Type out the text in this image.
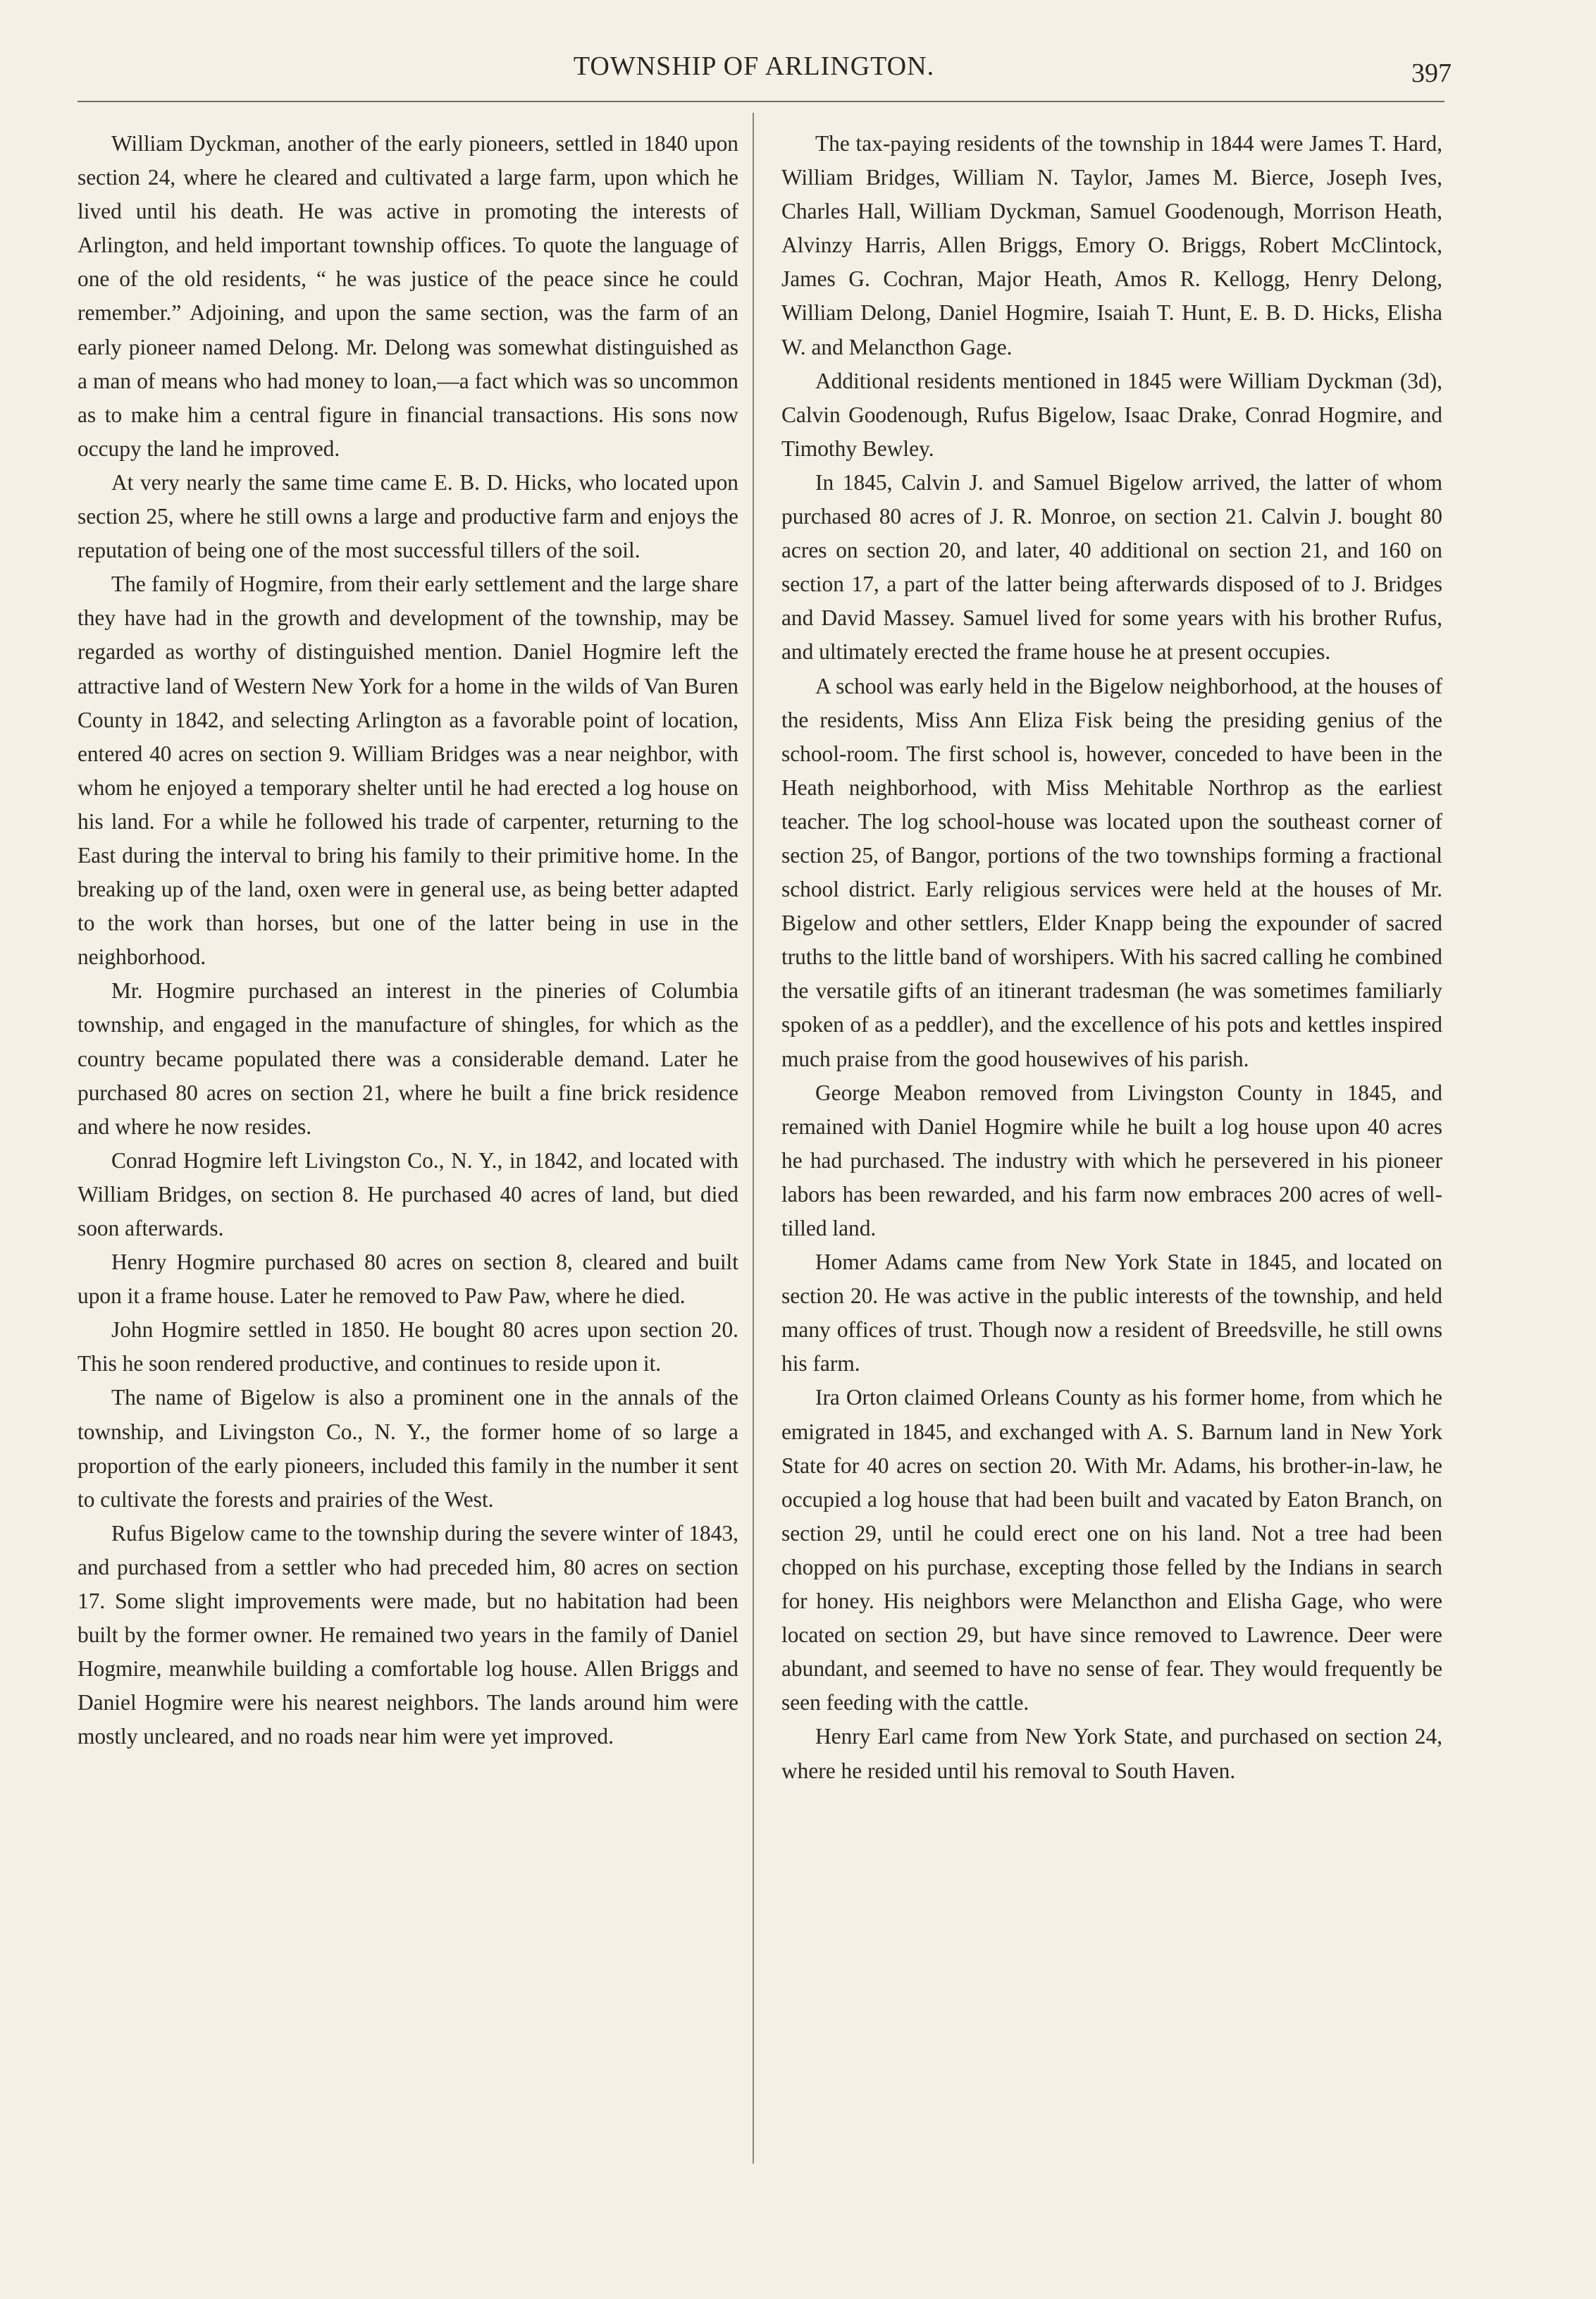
TOWNSHIP OF ARLINGTON.	397

William Dyckman, another of the early pioneers, settled in 1840 upon section 24, where he cleared and cultivated a large farm, upon which he lived until his death. He was active in promoting the interests of Arlington, and held important township offices. To quote the language of one of the old residents, “ he was justice of the peace since he could remember.” Adjoining, and upon the same section, was the farm of an early pioneer named Delong. Mr. Delong was somewhat distinguished as a man of means who had money to loan,—a fact which was so uncommon as to make him a central figure in financial transactions. His sons now occupy the land he improved.

At very nearly the same time came E. B. D. Hicks, who located upon section 25, where he still owns a large and productive farm and enjoys the reputation of being one of the most successful tillers of the soil.

The family of Hogmire, from their early settlement and the large share they have had in the growth and development of the township, may be regarded as worthy of distinguished mention. Daniel Hogmire left the attractive land of Western New York for a home in the wilds of Van Buren County in 1842, and selecting Arlington as a favorable point of location, entered 40 acres on section 9. William Bridges was a near neighbor, with whom he enjoyed a temporary shelter until he had erected a log house on his land. For a while he followed his trade of carpenter, returning to the East during the interval to bring his family to their primitive home. In the breaking up of the land, oxen were in general use, as being better adapted to the work than horses, but one of the latter being in use in the neighborhood.

Mr. Hogmire purchased an interest in the pineries of Columbia township, and engaged in the manufacture of shingles, for which as the country became populated there was a considerable demand. Later he purchased 80 acres on section 21, where he built a fine brick residence and where he now resides.

Conrad Hogmire left Livingston Co., N. Y., in 1842, and located with William Bridges, on section 8. He purchased 40 acres of land, but died soon afterwards.

Henry Hogmire purchased 80 acres on section 8, cleared and built upon it a frame house. Later he removed to Paw Paw, where he died.

John Hogmire settled in 1850. He bought 80 acres upon section 20. This he soon rendered productive, and continues to reside upon it.

The name of Bigelow is also a prominent one in the annals of the township, and Livingston Co., N. Y., the former home of so large a proportion of the early pioneers, included this family in the number it sent to cultivate the forests and prairies of the West.

Rufus Bigelow came to the township during the severe winter of 1843, and purchased from a settler who had preceded him, 80 acres on section 17. Some slight improvements were made, but no habitation had been built by the former owner. He remained two years in the family of Daniel Hogmire, meanwhile building a comfortable log house. Allen Briggs and Daniel Hogmire were his nearest neighbors. The lands around him were mostly uncleared, and no roads near him were yet improved.

The tax-paying residents of the township in 1844 were James T. Hard, William Bridges, William N. Taylor, James M. Bierce, Joseph Ives, Charles Hall, William Dyckman, Samuel Goodenough, Morrison Heath, Alvinzy Harris, Allen Briggs, Emory O. Briggs, Robert McClintock, James G. Cochran, Major Heath, Amos R. Kellogg, Henry Delong, William Delong, Daniel Hogmire, Isaiah T. Hunt, E. B. D. Hicks, Elisha W. and Melancthon Gage.

Additional residents mentioned in 1845 were William Dyckman (3d), Calvin Goodenough, Rufus Bigelow, Isaac Drake, Conrad Hogmire, and Timothy Bewley.

In 1845, Calvin J. and Samuel Bigelow arrived, the latter of whom purchased 80 acres of J. R. Monroe, on section 21. Calvin J. bought 80 acres on section 20, and later, 40 additional on section 21, and 160 on section 17, a part of the latter being afterwards disposed of to J. Bridges and David Massey. Samuel lived for some years with his brother Rufus, and ultimately erected the frame house he at present occupies.

A school was early held in the Bigelow neighborhood, at the houses of the residents, Miss Ann Eliza Fisk being the presiding genius of the school-room. The first school is, however, conceded to have been in the Heath neighborhood, with Miss Mehitable Northrop as the earliest teacher. The log school-house was located upon the southeast corner of section 25, of Bangor, portions of the two townships forming a fractional school district. Early religious services were held at the houses of Mr. Bigelow and other settlers, Elder Knapp being the expounder of sacred truths to the little band of worshipers. With his sacred calling he combined the versatile gifts of an itinerant tradesman (he was sometimes familiarly spoken of as a peddler), and the excellence of his pots and kettles inspired much praise from the good housewives of his parish.

George Meabon removed from Livingston County in 1845, and remained with Daniel Hogmire while he built a log house upon 40 acres he had purchased. The industry with which he persevered in his pioneer labors has been rewarded, and his farm now embraces 200 acres of well-tilled land.

Homer Adams came from New York State in 1845, and located on section 20. He was active in the public interests of the township, and held many offices of trust. Though now a resident of Breedsville, he still owns his farm.

Ira Orton claimed Orleans County as his former home, from which he emigrated in 1845, and exchanged with A. S. Barnum land in New York State for 40 acres on section 20. With Mr. Adams, his brother-in-law, he occupied a log house that had been built and vacated by Eaton Branch, on section 29, until he could erect one on his land. Not a tree had been chopped on his purchase, excepting those felled by the Indians in search for honey. His neighbors were Melancthon and Elisha Gage, who were located on section 29, but have since removed to Lawrence. Deer were abundant, and seemed to have no sense of fear. They would frequently be seen feeding with the cattle.

Henry Earl came from New York State, and purchased on section 24, where he resided until his removal to South Haven.
